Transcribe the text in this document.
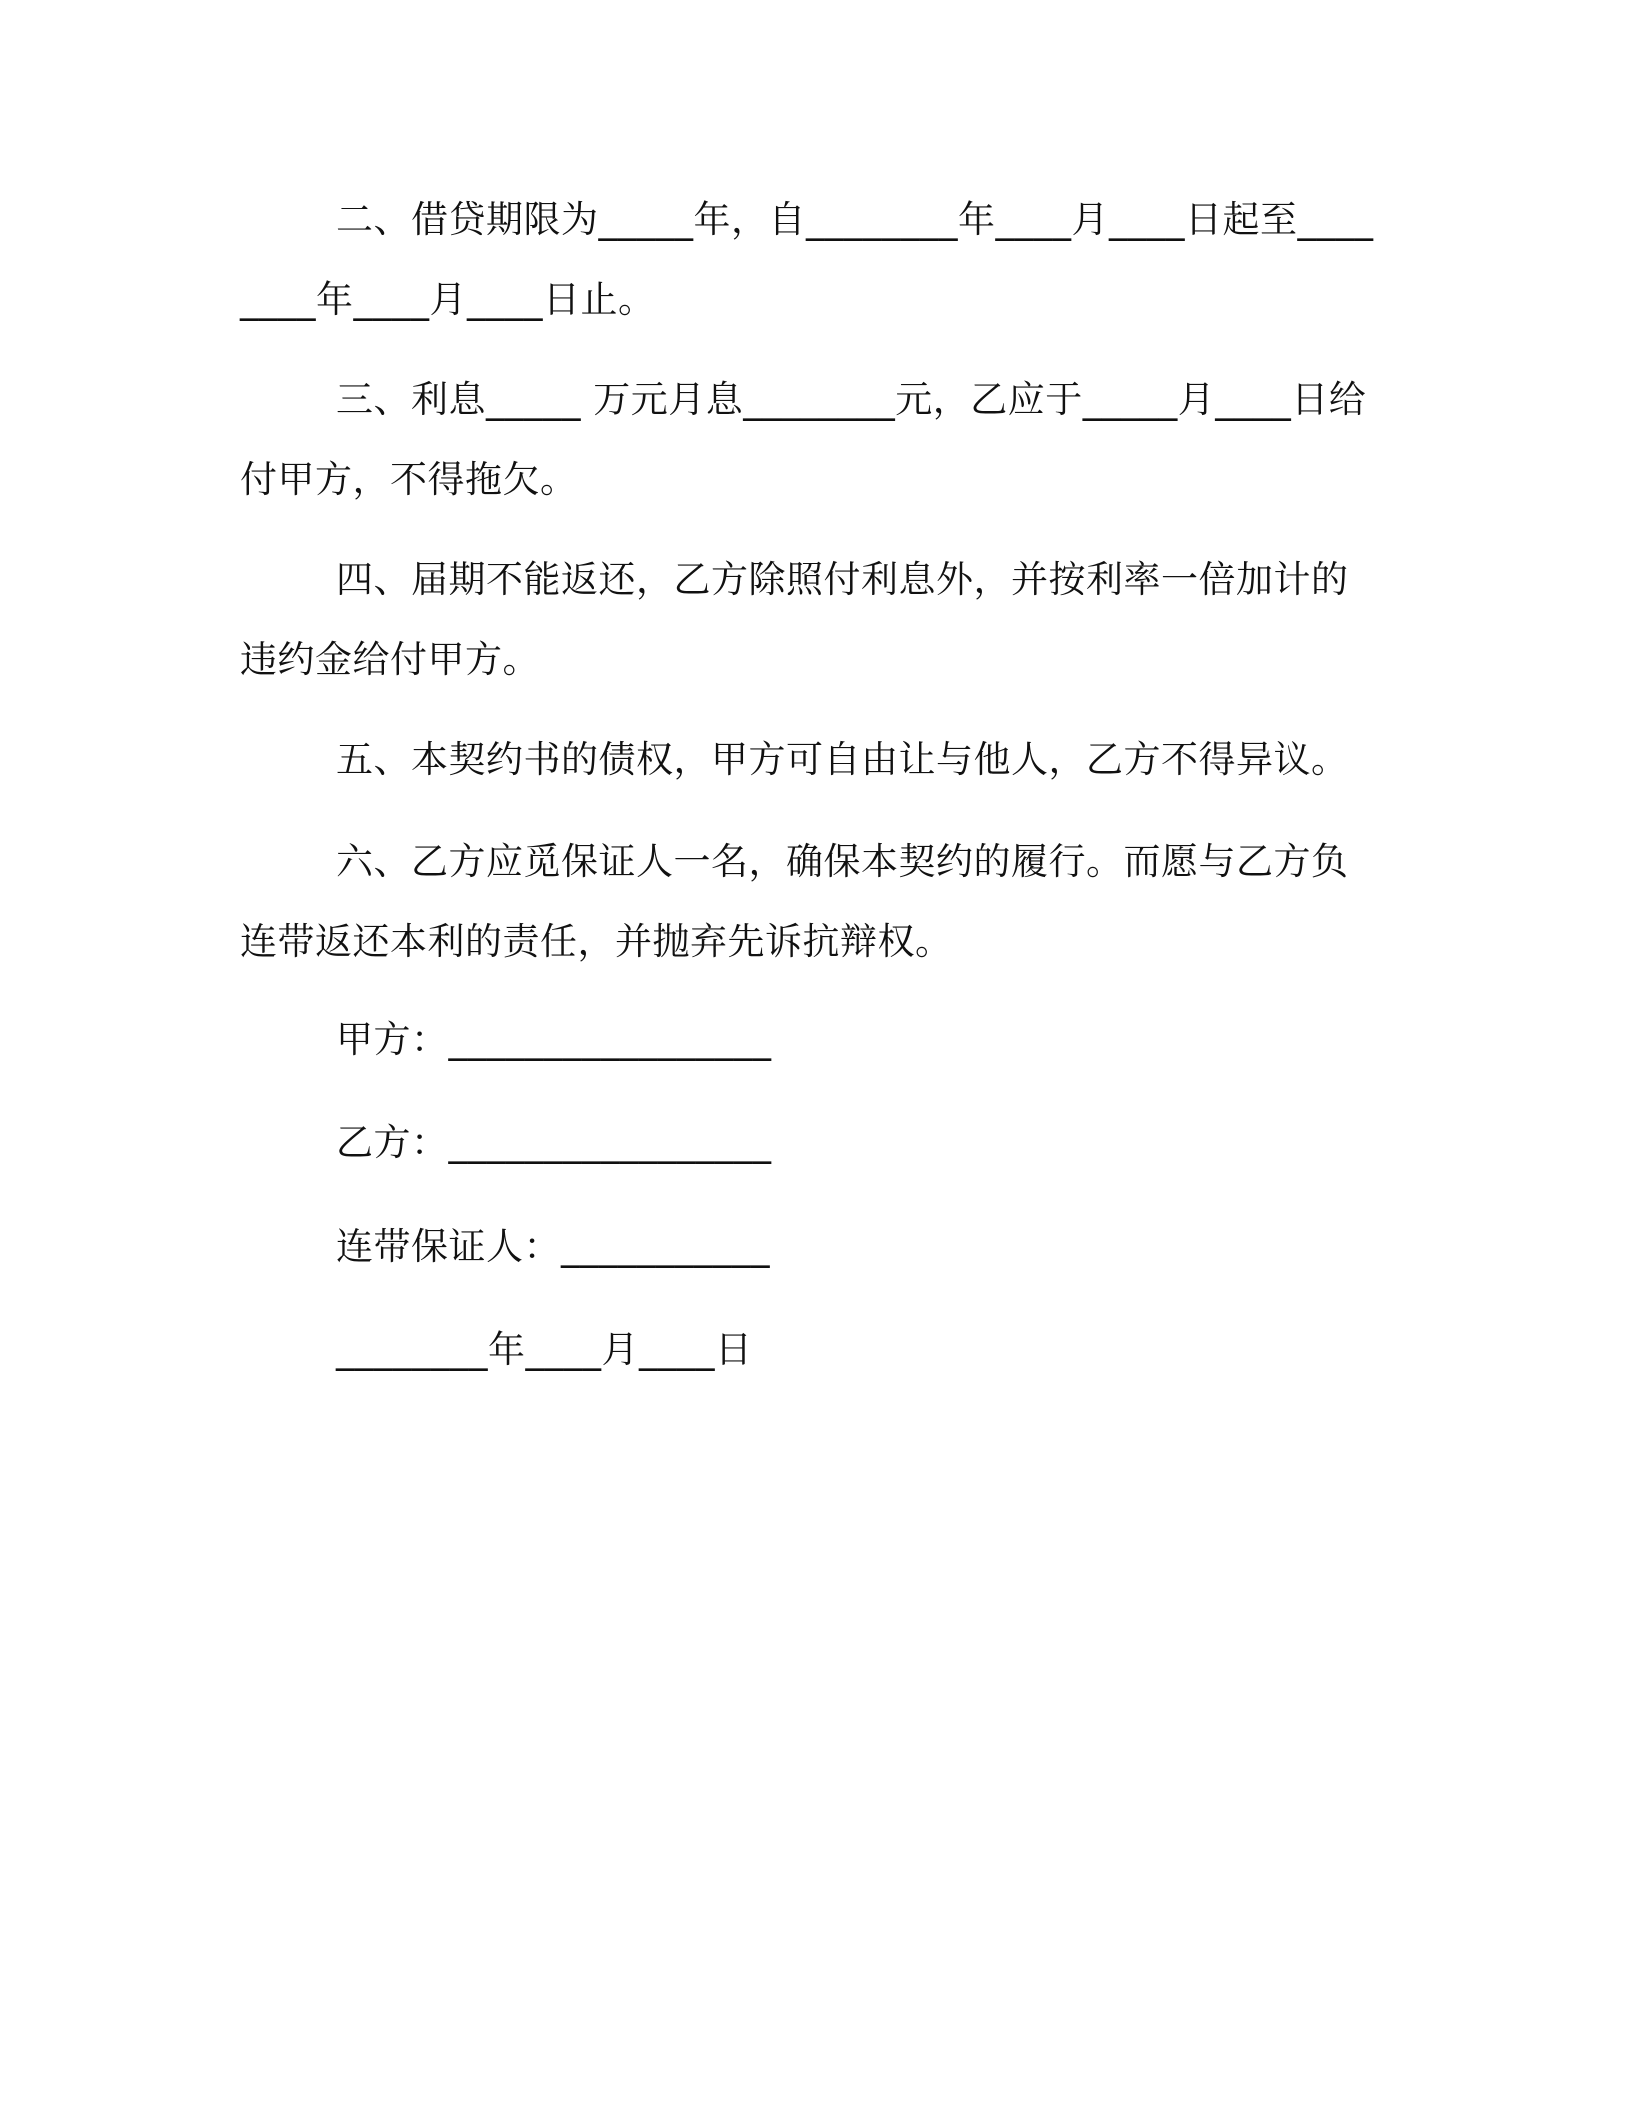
二、借贷期限为_____年，自________年____月____日起至________年____月____日止。

三、利息_____ 万元月息________元，乙应于_____月____日给付甲方，不得拖欠。

四、届期不能返还，乙方除照付利息外，并按利率一倍加计的违约金给付甲方。

五、本契约书的债权，甲方可自由让与他人，乙方不得异议。

六、乙方应觅保证人一名，确保本契约的履行。而愿与乙方负连带返还本利的责任，并抛弃先诉抗辩权。

甲方：_________________
乙方：_________________
连带保证人：___________
________年____月____日
